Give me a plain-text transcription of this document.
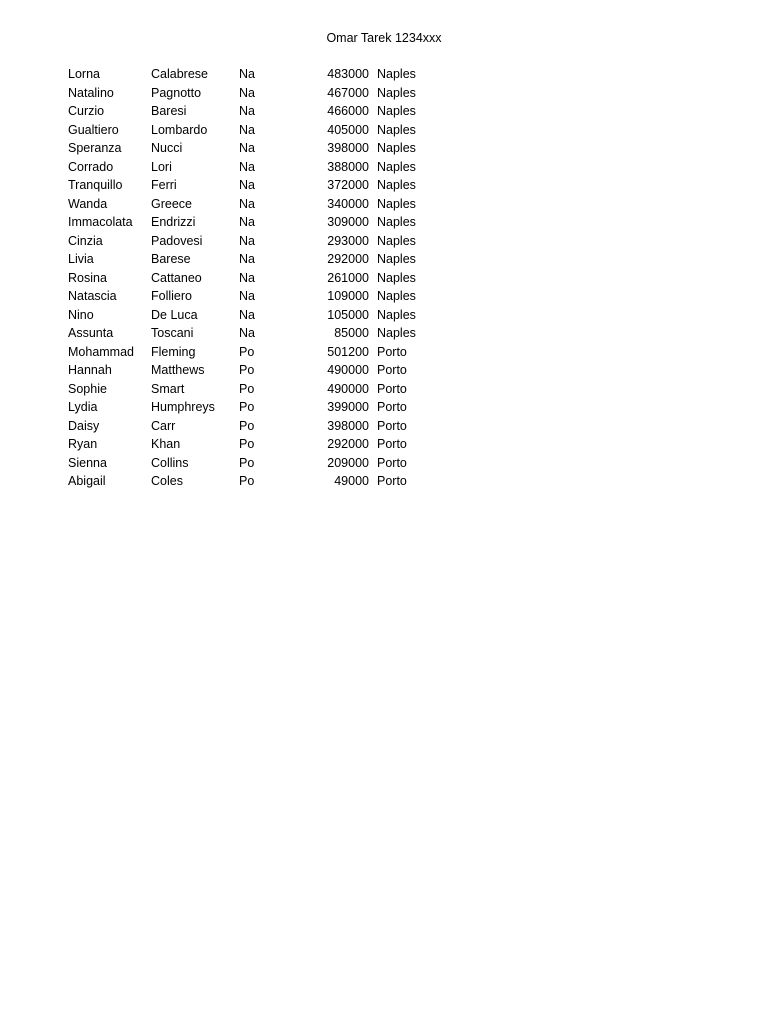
Omar Tarek 1234xxx
Lorna	Calabrese	Na	483000	Naples
Natalino	Pagnotto	Na	467000	Naples
Curzio	Baresi	Na	466000	Naples
Gualtiero	Lombardo	Na	405000	Naples
Speranza	Nucci	Na	398000	Naples
Corrado	Lori	Na	388000	Naples
Tranquillo	Ferri	Na	372000	Naples
Wanda	Greece	Na	340000	Naples
Immacolata	Endrizzi	Na	309000	Naples
Cinzia	Padovesi	Na	293000	Naples
Livia	Barese	Na	292000	Naples
Rosina	Cattaneo	Na	261000	Naples
Natascia	Folliero	Na	109000	Naples
Nino	De Luca	Na	105000	Naples
Assunta	Toscani	Na	85000	Naples
Mohammad	Fleming	Po	501200	Porto
Hannah	Matthews	Po	490000	Porto
Sophie	Smart	Po	490000	Porto
Lydia	Humphreys	Po	399000	Porto
Daisy	Carr	Po	398000	Porto
Ryan	Khan	Po	292000	Porto
Sienna	Collins	Po	209000	Porto
Abigail	Coles	Po	49000	Porto
